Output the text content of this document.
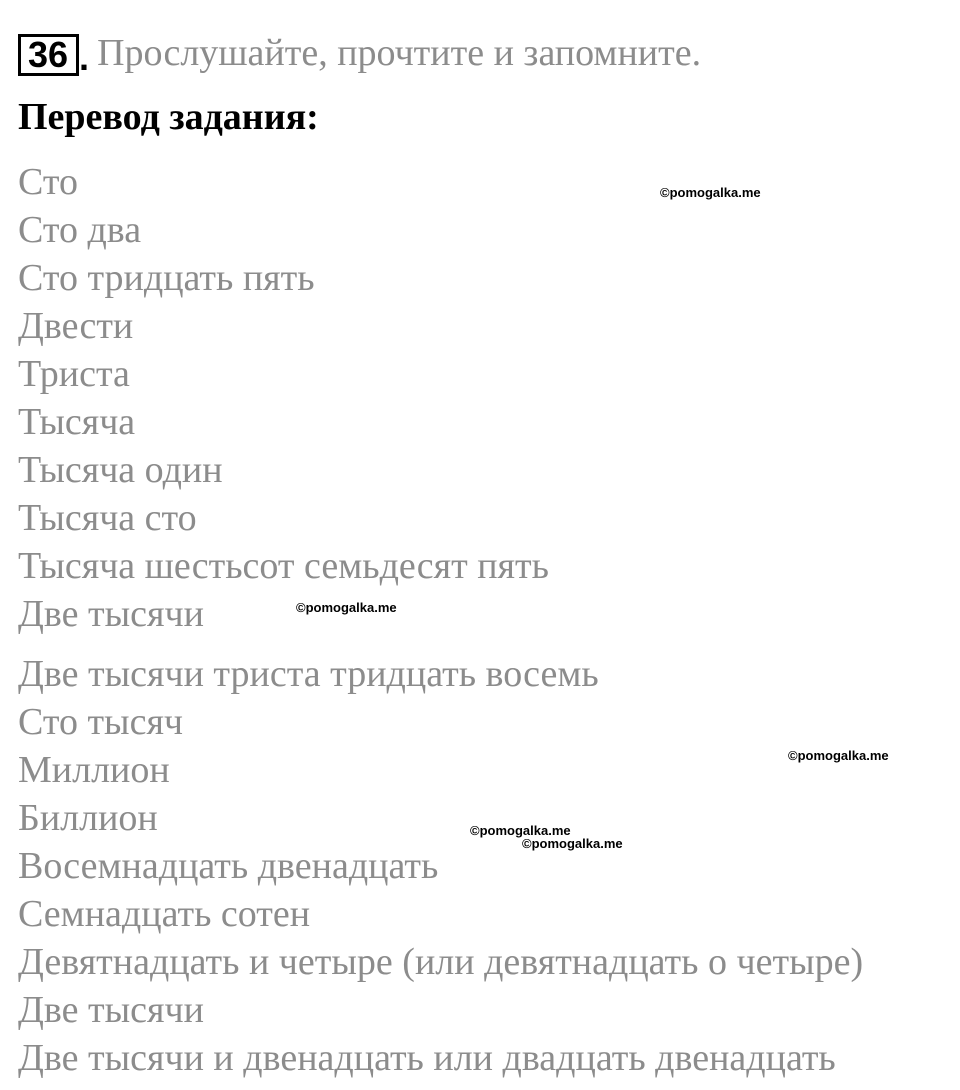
36 . Прослушайте, прочтите и запомните.
Перевод задания:
Сто
Сто два
Сто тридцать пять
Двести
Триста
Тысяча
Тысяча один
Тысяча сто
Тысяча шестьсот семьдесят пять
Две тысячи
Две тысячи триста тридцать восемь
Сто тысяч
Миллион
Биллион
Восемнадцать двенадцать
Семнадцать сотен
Девятнадцать и четыре (или девятнадцать о четыре)
Две тысячи
Две тысячи и двенадцать или двадцать двенадцать
©pomogalka.me
©pomogalka.me
©pomogalka.me
©pomogalka.me
©pomogalka.me
